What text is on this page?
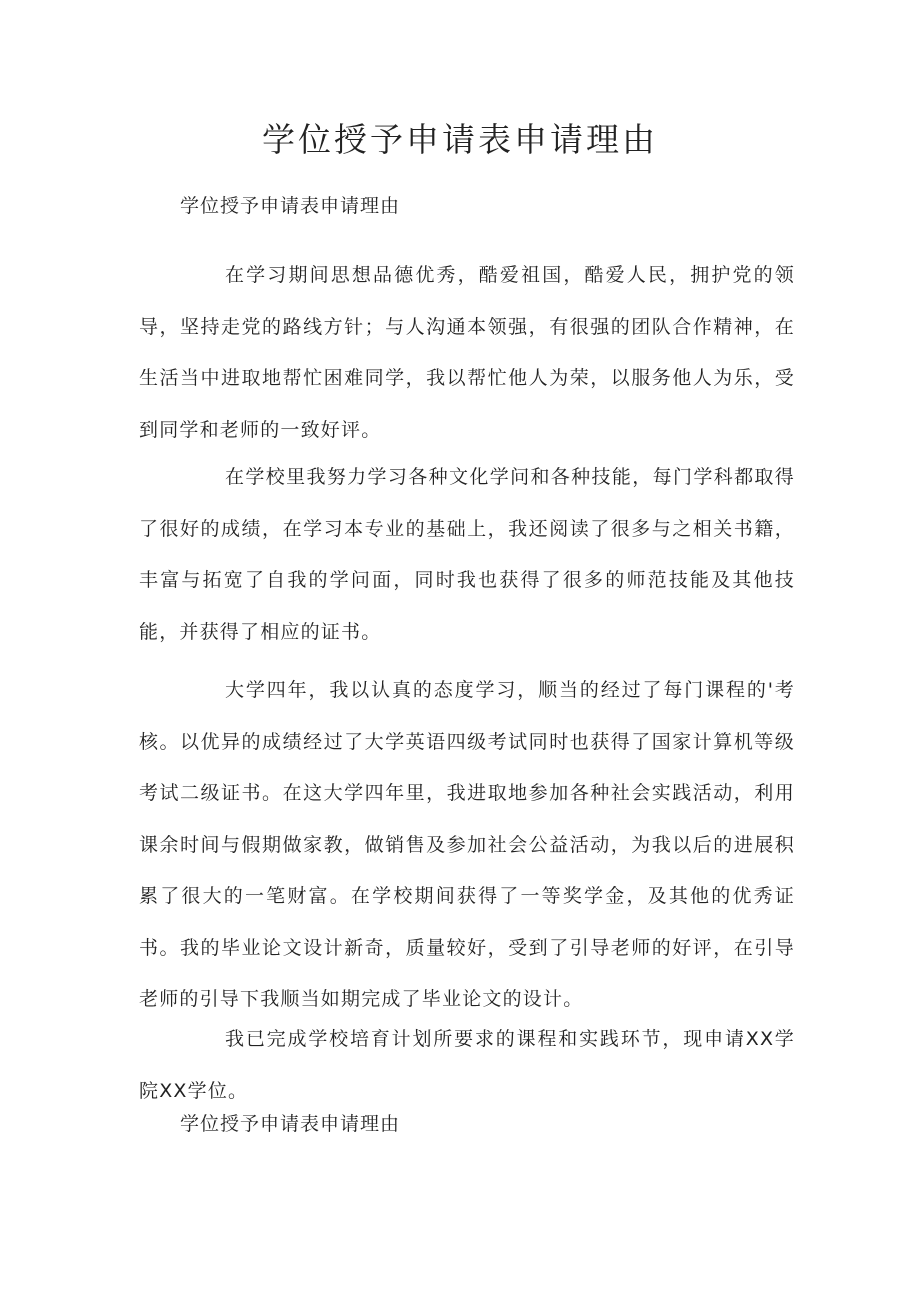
学位授予申请表申请理由

学位授予申请表申请理由

在学习期间思想品德优秀，酷爱祖国，酷爱人民，拥护党的领导，坚持走党的路线方针；与人沟通本领强，有很强的团队合作精神，在生活当中进取地帮忙困难同学，我以帮忙他人为荣，以服务他人为乐，受到同学和老师的一致好评。

在学校里我努力学习各种文化学问和各种技能，每门学科都取得了很好的成绩，在学习本专业的基础上，我还阅读了很多与之相关书籍，丰富与拓宽了自我的学问面，同时我也获得了很多的师范技能及其他技能，并获得了相应的证书。

大学四年，我以认真的态度学习，顺当的经过了每门课程的'考核。以优异的成绩经过了大学英语四级考试同时也获得了国家计算机等级考试二级证书。在这大学四年里，我进取地参加各种社会实践活动，利用课余时间与假期做家教，做销售及参加社会公益活动，为我以后的进展积累了很大的一笔财富。在学校期间获得了一等奖学金，及其他的优秀证书。我的毕业论文设计新奇，质量较好，受到了引导老师的好评，在引导老师的引导下我顺当如期完成了毕业论文的设计。

我已完成学校培育计划所要求的课程和实践环节，现申请XX学院XX学位。

学位授予申请表申请理由
